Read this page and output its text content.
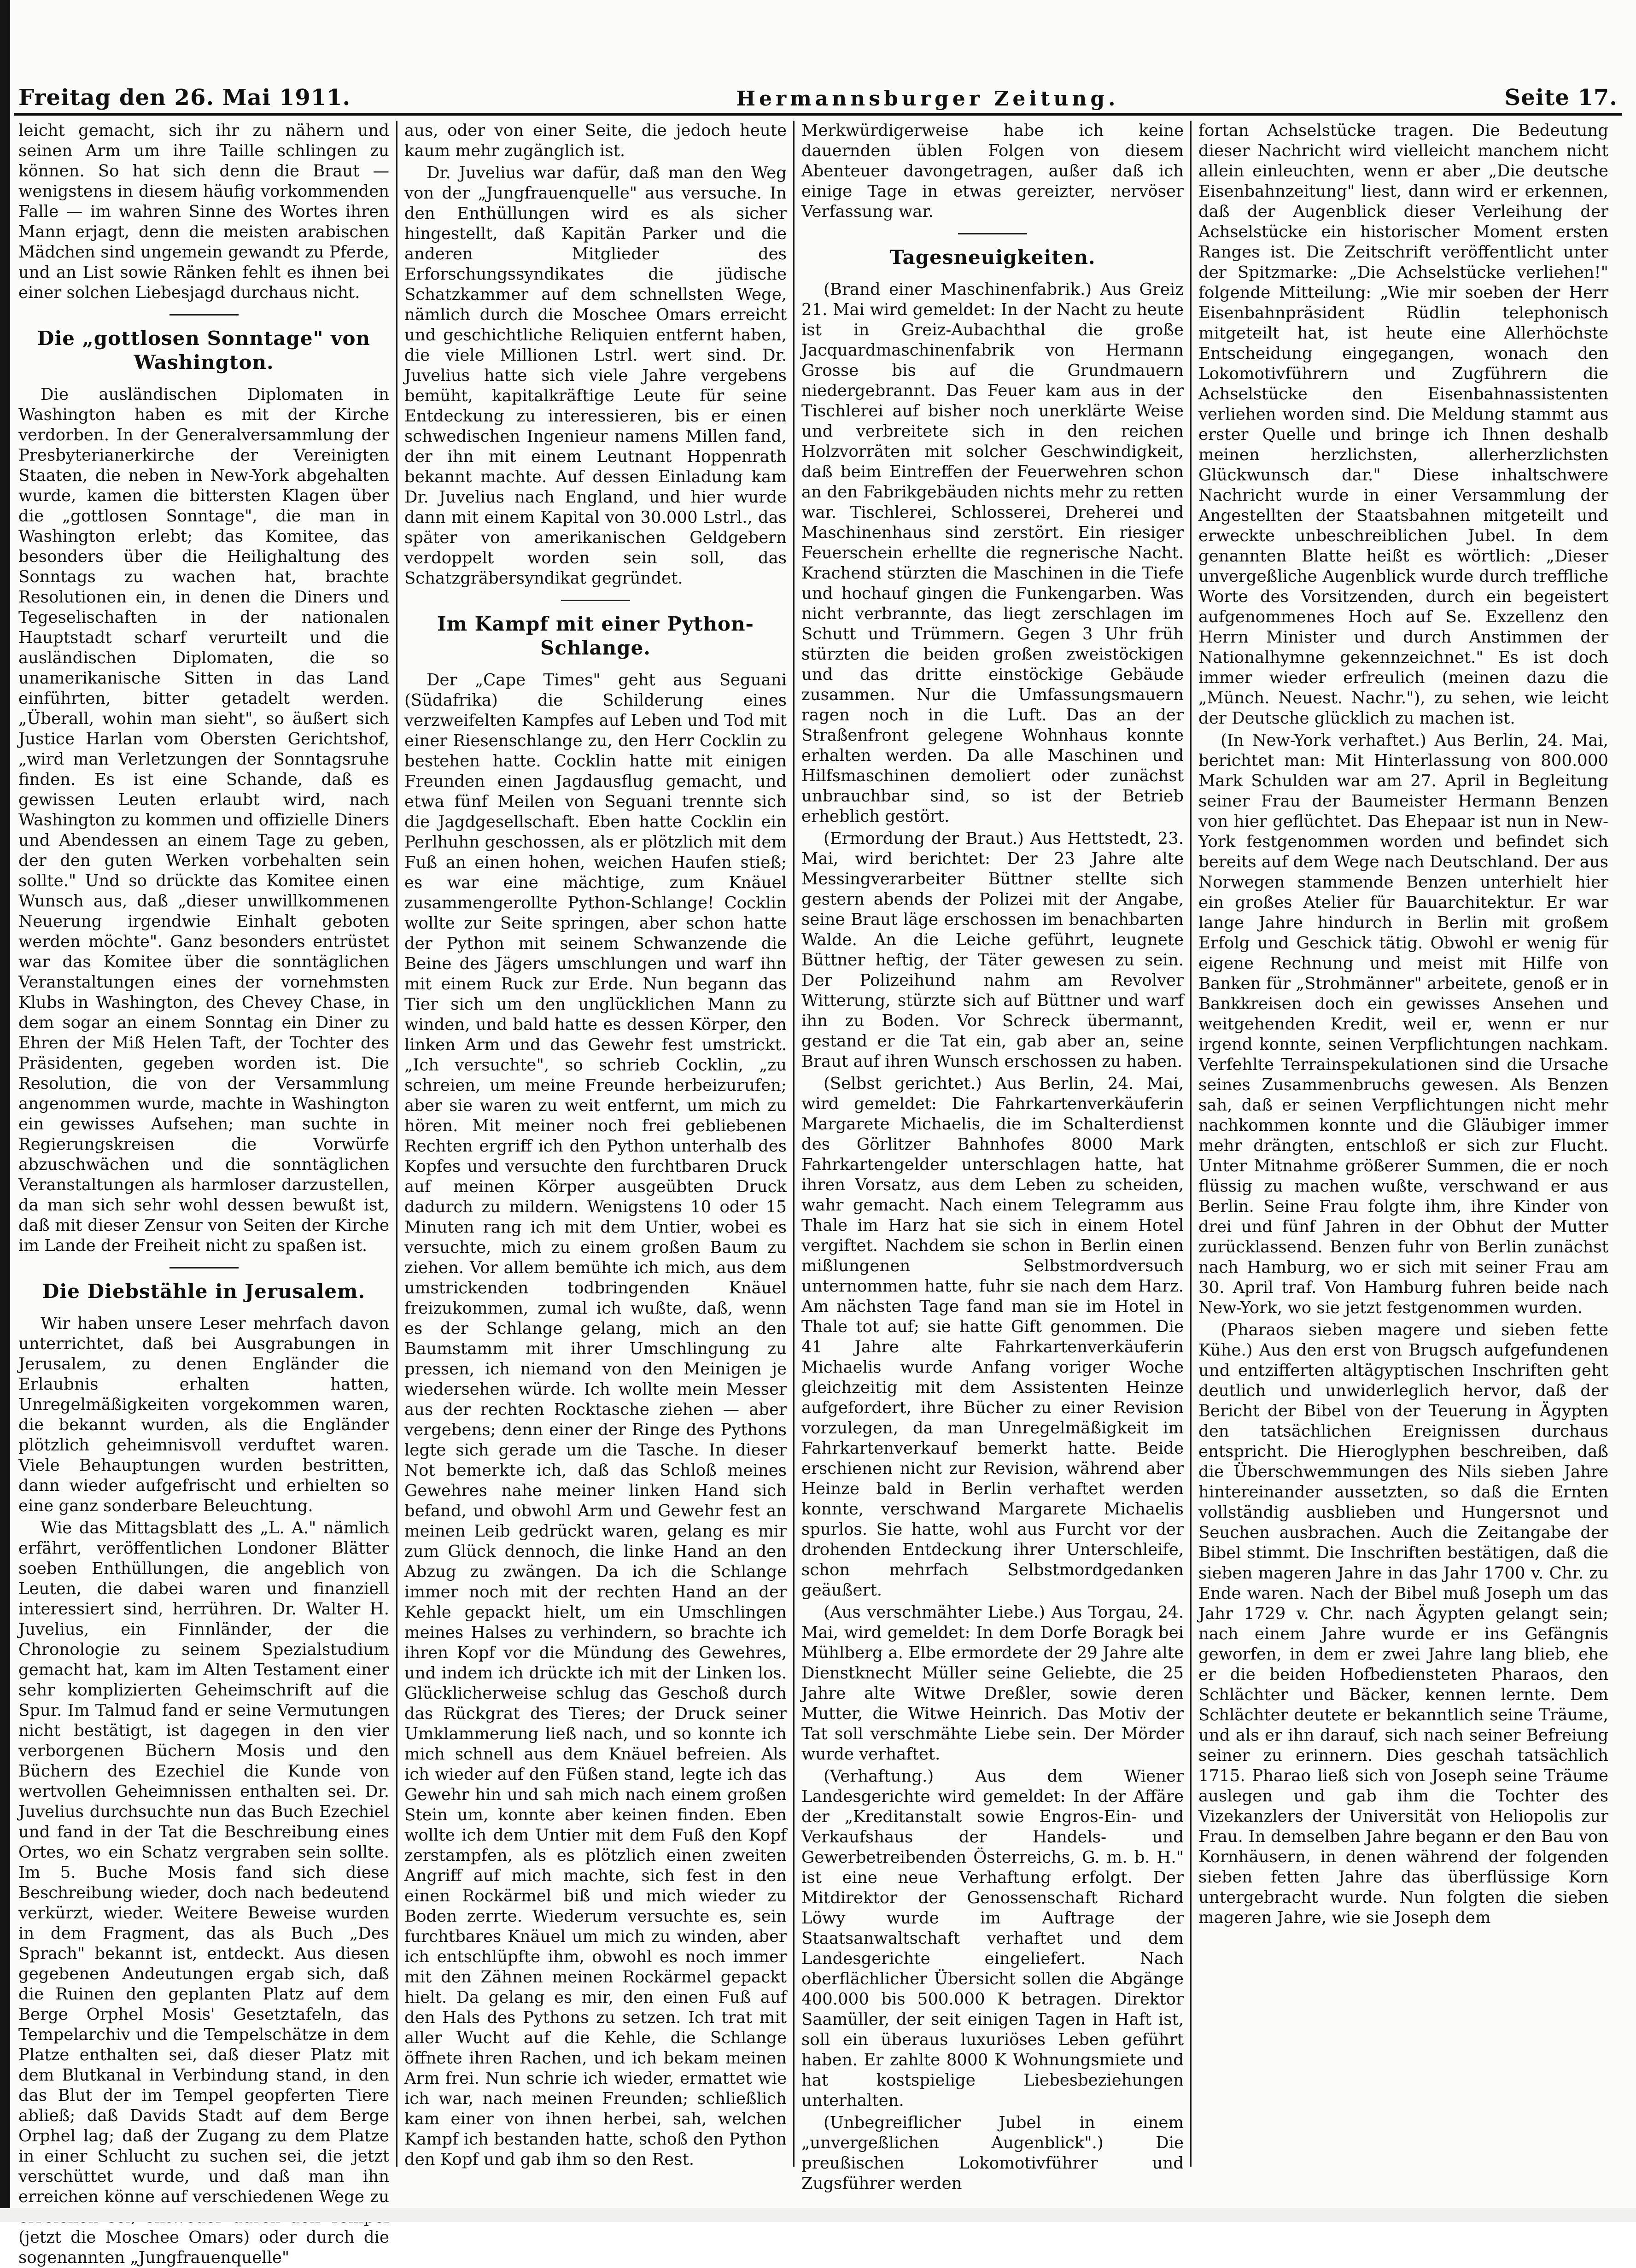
Freitag den 26. Mai 1911.	Hermannsburger Zeitung.	Seite 17.

leicht gemacht, sich ihr zu nähern und seinen Arm um ihre Taille schlingen zu können. So hat sich denn die Braut — wenigstens in diesem häufig vorkommenden Falle — im wahren Sinne des Wortes ihren Mann erjagt, denn die meisten arabischen Mädchen sind ungemein gewandt zu Pferde, und an List sowie Ränken fehlt es ihnen bei einer solchen Liebesjagd durchaus nicht.

Die „gottlosen Sonntage" von Washington.

Die ausländischen Diplomaten in Washington haben es mit der Kirche verdorben. In der Generalversammlung der Presbyterianerkirche der Vereinigten Staaten, die neben in New-York abgehalten wurde, kamen die bittersten Klagen über die „gottlosen Sonntage", die man in Washington erlebt; das Komitee, das besonders über die Heilighaltung des Sonntags zu wachen hat, brachte Resolutionen ein, in denen die Diners und Tegeselischaften in der nationalen Hauptstadt scharf verurteilt und die ausländischen Diplomaten, die so unamerikanische Sitten in das Land einführten, bitter getadelt werden. „Überall, wohin man sieht", so äußert sich Justice Harlan vom Obersten Gerichtshof, „wird man Verletzungen der Sonntagsruhe finden. Es ist eine Schande, daß es gewissen Leuten erlaubt wird, nach Washington zu kommen und offizielle Diners und Abendessen an einem Tage zu geben, der den guten Werken vorbehalten sein sollte." Und so drückte das Komitee einen Wunsch aus, daß „dieser unwillkommenen Neuerung irgendwie Einhalt geboten werden möchte". Ganz besonders entrüstet war das Komitee über die sonntäglichen Veranstaltungen eines der vornehmsten Klubs in Washington, des Chevey Chase, in dem sogar an einem Sonntag ein Diner zu Ehren der Miß Helen Taft, der Tochter des Präsidenten, gegeben worden ist. Die Resolution, die von der Versammlung angenommen wurde, machte in Washington ein gewisses Aufsehen; man suchte in Regierungskreisen die Vorwürfe abzuschwächen und die sonntäglichen Veranstaltungen als harmloser darzustellen, da man sich sehr wohl dessen bewußt ist, daß mit dieser Zensur von Seiten der Kirche im Lande der Freiheit nicht zu spaßen ist.

Die Diebstähle in Jerusalem.

Wir haben unsere Leser mehrfach davon unterrichtet, daß bei Ausgrabungen in Jerusalem, zu denen Engländer die Erlaubnis erhalten hatten, Unregelmäßigkeiten vorgekommen waren, die bekannt wurden, als die Engländer plötzlich geheimnisvoll verduftet waren. Viele Behauptungen wurden bestritten, dann wieder aufgefrischt und erhielten so eine ganz sonderbare Beleuchtung.

Wie das Mittagsblatt des „L. A." nämlich erfährt, veröffentlichen Londoner Blätter soeben Enthüllungen, die angeblich von Leuten, die dabei waren und finanziell interessiert sind, herrühren. Dr. Walter H. Juvelius, ein Finnländer, der die Chronologie zu seinem Spezialstudium gemacht hat, kam im Alten Testament einer sehr komplizierten Geheimschrift auf die Spur. Im Talmud fand er seine Vermutungen nicht bestätigt, ist dagegen in den vier verborgenen Büchern Mosis und den Büchern des Ezechiel die Kunde von wertvollen Geheimnissen enthalten sei. Dr. Juvelius durchsuchte nun das Buch Ezechiel und fand in der Tat die Beschreibung eines Ortes, wo ein Schatz vergraben sein sollte. Im 5. Buche Mosis fand sich diese Beschreibung wieder, doch nach bedeutend verkürzt, wieder. Weitere Beweise wurden in dem Fragment, das als Buch „Des Sprach" bekannt ist, entdeckt. Aus diesen gegebenen Andeutungen ergab sich, daß die Ruinen den geplanten Platz auf dem Berge Orphel Mosis' Gesetztafeln, das Tempelarchiv und die Tempelschätze in dem Platze enthalten sei, daß dieser Platz mit dem Blutkanal in Verbindung stand, in den das Blut der im Tempel geopferten Tiere abließ; daß Davids Stadt auf dem Berge Orphel lag; daß der Zugang zu dem Platze in einer Schlucht zu suchen sei, die jetzt verschüttet wurde, und daß man ihn erreichen könne auf verschiedenen Wege zu (jetzt die Moschee Omars) oder durch die sogenannten „Jungfrauenquelle"

aus, oder von einer Seite, die jedoch heute kaum mehr zugänglich ist.

Dr. Juvelius war dafür, daß man den Weg von der „Jungfrauenquelle" aus versuche. In den Enthüllungen wird es als sicher hingestellt, daß Kapitän Parker und die anderen Mitglieder des Erforschungssyndikates die jüdische Schatzkammer auf dem schnellsten Wege, nämlich durch die Moschee Omars erreicht und geschichtliche Reliquien entfernt haben, die viele Millionen Lstrl. wert sind. Dr. Juvelius hatte sich viele Jahre vergebens bemüht, kapitalkräftige Leute für seine Entdeckung zu interessieren, bis er einen schwedischen Ingenieur namens Millen fand, der ihn mit einem Leutnant Hoppenrath bekannt machte. Auf dessen Einladung kam Dr. Juvelius nach England, und hier wurde dann mit einem Kapital von 30.000 Lstrl., das später von amerikanischen Geldgebern verdoppelt worden sein soll, das Schatzgräbersyndikat gegründet.

Im Kampf mit einer Python-Schlange.

Der „Cape Times" geht aus Seguani (Südafrika) die Schilderung eines verzweifelten Kampfes auf Leben und Tod mit einer Riesenschlange zu, den Herr Cocklin zu bestehen hatte. Cocklin hatte mit einigen Freunden einen Jagdausflug gemacht, und etwa fünf Meilen von Seguani trennte sich die Jagdgesellschaft. Eben hatte Cocklin ein Perlhuhn geschossen, als er plötzlich mit dem Fuß an einen hohen, weichen Haufen stieß; es war eine mächtige, zum Knäuel zusammengerollte Python-Schlange! Cocklin wollte zur Seite springen, aber schon hatte der Python mit seinem Schwanzende die Beine des Jägers umschlungen und warf ihn mit einem Ruck zur Erde. Nun begann das Tier sich um den unglücklichen Mann zu winden, und bald hatte es dessen Körper, den linken Arm und das Gewehr fest umstrickt. „Ich versuchte", so schrieb Cocklin, „zu schreien, um meine Freunde herbeizurufen; aber sie waren zu weit entfernt, um mich zu hören. Mit meiner noch frei gebliebenen Rechten ergriff ich den Python unterhalb des Kopfes und versuchte den furchtbaren Druck auf meinen Körper ausgeübten Druck dadurch zu mildern. Wenigstens 10 oder 15 Minuten rang ich mit dem Untier, wobei es versuchte, mich zu einem großen Baum zu ziehen. Vor allem bemühte ich mich, aus dem umstrickenden todbringenden Knäuel freizukommen, zumal ich wußte, daß, wenn es der Schlange gelang, mich an den Baumstamm mit ihrer Umschlingung zu pressen, ich niemand von den Meinigen je wiedersehen würde. Ich wollte mein Messer aus der rechten Rocktasche ziehen — aber vergebens; denn einer der Ringe des Pythons legte sich gerade um die Tasche. In dieser Not bemerkte ich, daß das Schloß meines Gewehres nahe meiner linken Hand sich befand, und obwohl Arm und Gewehr fest an meinen Leib gedrückt waren, gelang es mir zum Glück dennoch, die linke Hand an den Abzug zu zwängen. Da ich die Schlange immer noch mit der rechten Hand an der Kehle gepackt hielt, um ein Umschlingen meines Halses zu verhindern, so brachte ich ihren Kopf vor die Mündung des Gewehres, und indem ich drückte ich mit der Linken los. Glücklicherweise schlug das Geschoß durch das Rückgrat des Tieres; der Druck seiner Umklammerung ließ nach, und so konnte ich mich schnell aus dem Knäuel befreien. Als ich wieder auf den Füßen stand, legte ich das Gewehr hin und sah mich nach einem großen Stein um, konnte aber keinen finden. Eben wollte ich dem Untier mit dem Fuß den Kopf zerstampfen, als es plötzlich einen zweiten Angriff auf mich machte, sich fest in den einen Rockärmel biß und mich wieder zu Boden zerrte. Wiederum versuchte es, sein furchtbares Knäuel um mich zu winden, aber ich entschlüpfte ihm, obwohl es noch immer mit den Zähnen meinen Rockärmel gepackt hielt. Da gelang es mir, den einen Fuß auf den Hals des Pythons zu setzen. Ich trat mit aller Wucht auf die Kehle, die Schlange öffnete ihren Rachen, und ich bekam meinen Arm frei. Nun schrie ich wieder, ermattet wie ich war, nach meinen Freunden; schließlich kam einer von ihnen herbei, sah, welchen Kampf ich bestanden hatte, schoß den Python den Kopf und gab ihm so den Rest.

Merkwürdigerweise habe ich keine dauernden üblen Folgen von diesem Abenteuer davongetragen, außer daß ich einige Tage in etwas gereizter, nervöser Verfassung war.

Tagesneuigkeiten.

(Brand einer Maschinenfabrik.) Aus Greiz 21. Mai wird gemeldet: In der Nacht zu heute ist in Greiz-Aubachthal die große Jacquardmaschinenfabrik von Hermann Grosse bis auf die Grundmauern niedergebrannt. Das Feuer kam aus in der Tischlerei auf bisher noch unerklärte Weise und verbreitete sich in den reichen Holzvorräten mit solcher Geschwindigkeit, daß beim Eintreffen der Feuerwehren schon an den Fabrikgebäuden nichts mehr zu retten war. Tischlerei, Schlosserei, Dreherei und Maschinenhaus sind zerstört. Ein riesiger Feuerschein erhellte die regnerische Nacht. Krachend stürzten die Maschinen in die Tiefe und hochauf gingen die Funkengarben. Was nicht verbrannte, das liegt zerschlagen im Schutt und Trümmern. Gegen 3 Uhr früh stürzten die beiden großen zweistöckigen und das dritte einstöckige Gebäude zusammen. Nur die Umfassungsmauern ragen noch in die Luft. Das an der Straßenfront gelegene Wohnhaus konnte erhalten werden. Da alle Maschinen und Hilfsmaschinen demoliert oder zunächst unbrauchbar sind, so ist der Betrieb erheblich gestört.

(Ermordung der Braut.) Aus Hettstedt, 23. Mai, wird berichtet: Der 23 Jahre alte Messingverarbeiter Büttner stellte sich gestern abends der Polizei mit der Angabe, seine Braut läge erschossen im benachbarten Walde. An die Leiche geführt, leugnete Büttner heftig, der Täter gewesen zu sein. Der Polizeihund nahm am Revolver Witterung, stürzte sich auf Büttner und warf ihn zu Boden. Vor Schreck übermannt, gestand er die Tat ein, gab aber an, seine Braut auf ihren Wunsch erschossen zu haben.

(Selbst gerichtet.) Aus Berlin, 24. Mai, wird gemeldet: Die Fahrkartenverkäuferin Margarete Michaelis, die im Schalterdienst des Görlitzer Bahnhofes 8000 Mark Fahrkartengelder unterschlagen hatte, hat ihren Vorsatz, aus dem Leben zu scheiden, wahr gemacht. Nach einem Telegramm aus Thale im Harz hat sie sich in einem Hotel vergiftet. Nachdem sie schon in Berlin einen mißlungenen Selbstmordversuch unternommen hatte, fuhr sie nach dem Harz. Am nächsten Tage fand man sie im Hotel in Thale tot auf; sie hatte Gift genommen. Die 41 Jahre alte Fahrkartenverkäuferin Michaelis wurde Anfang voriger Woche gleichzeitig mit dem Assistenten Heinze aufgefordert, ihre Bücher zu einer Revision vorzulegen, da man Unregelmäßigkeit im Fahrkartenverkauf bemerkt hatte. Beide erschienen nicht zur Revision, während aber Heinze bald in Berlin verhaftet werden konnte, verschwand Margarete Michaelis spurlos. Sie hatte, wohl aus Furcht vor der drohenden Entdeckung ihrer Unterschleife, schon mehrfach Selbstmordgedanken geäußert.

(Aus verschmähter Liebe.) Aus Torgau, 24. Mai, wird gemeldet: In dem Dorfe Boragk bei Mühlberg a. Elbe ermordete der 29 Jahre alte Dienstknecht Müller seine Geliebte, die 25 Jahre alte Witwe Dreßler, sowie deren Mutter, die Witwe Heinrich. Das Motiv der Tat soll verschmähte Liebe sein. Der Mörder wurde verhaftet.

(Verhaftung.) Aus dem Wiener Landesgerichte wird gemeldet: In der Affäre der „Kreditanstalt sowie Engros-Ein- und Verkaufshaus der Handels- und Gewerbetreibenden Österreichs, G. m. b. H." ist eine neue Verhaftung erfolgt. Der Mitdirektor der Genossenschaft Richard Löwy wurde im Auftrage der Staatsanwaltschaft verhaftet und dem Landesgerichte eingeliefert. Nach oberflächlicher Übersicht sollen die Abgänge 400.000 bis 500.000 K betragen. Direktor Saamüller, der seit einigen Tagen in Haft ist, soll ein überaus luxuriöses Leben geführt haben. Er zahlte 8000 K Wohnungsmiete und hat kostspielige Liebesbeziehungen unterhalten.

(Unbegreiflicher Jubel in einem „unvergeßlichen Augenblick".) Die preußischen Lokomotivführer und Zugsführer werden

fortan Achselstücke tragen. Die Bedeutung dieser Nachricht wird vielleicht manchem nicht allein einleuchten, wenn er aber „Die deutsche Eisenbahnzeitung" liest, dann wird er erkennen, daß der Augenblick dieser Verleihung der Achselstücke ein historischer Moment ersten Ranges ist. Die Zeitschrift veröffentlicht unter der Spitzmarke: „Die Achselstücke verliehen!" folgende Mitteilung: „Wie mir soeben der Herr Eisenbahnpräsident Rüdlin telephonisch mitgeteilt hat, ist heute eine Allerhöchste Entscheidung eingegangen, wonach den Lokomotivführern und Zugführern die Achselstücke den Eisenbahnassistenten verliehen worden sind. Die Meldung stammt aus erster Quelle und bringe ich Ihnen deshalb meinen herzlichsten, allerherzlichsten Glückwunsch dar." Diese inhaltschwere Nachricht wurde in einer Versammlung der Angestellten der Staatsbahnen mitgeteilt und erweckte unbeschreiblichen Jubel. In dem genannten Blatte heißt es wörtlich: „Dieser unvergeßliche Augenblick wurde durch treffliche Worte des Vorsitzenden, durch ein begeistert aufgenommenes Hoch auf Se. Exzellenz den Herrn Minister und durch Anstimmen der Nationalhymne gekennzeichnet." Es ist doch immer wieder erfreulich (meinen dazu die „Münch. Neuest. Nachr."), zu sehen, wie leicht der Deutsche glücklich zu machen ist.

(In New-York verhaftet.) Aus Berlin, 24. Mai, berichtet man: Mit Hinterlassung von 800.000 Mark Schulden war am 27. April in Begleitung seiner Frau der Baumeister Hermann Benzen von hier geflüchtet. Das Ehepaar ist nun in New-York festgenommen worden und befindet sich bereits auf dem Wege nach Deutschland. Der aus Norwegen stammende Benzen unterhielt hier ein großes Atelier für Bauarchitektur. Er war lange Jahre hindurch in Berlin mit großem Erfolg und Geschick tätig. Obwohl er wenig für eigene Rechnung und meist mit Hilfe von Banken für „Strohmänner" arbeitete, genoß er in Bankkreisen doch ein gewisses Ansehen und weitgehenden Kredit, weil er, wenn er nur irgend konnte, seinen Verpflichtungen nachkam. Verfehlte Terrainspekulationen sind die Ursache seines Zusammenbruchs gewesen. Als Benzen sah, daß er seinen Verpflichtungen nicht mehr nachkommen konnte und die Gläubiger immer mehr drängten, entschloß er sich zur Flucht. Unter Mitnahme größerer Summen, die er noch flüssig zu machen wußte, verschwand er aus Berlin. Seine Frau folgte ihm, ihre Kinder von drei und fünf Jahren in der Obhut der Mutter zurücklassend. Benzen fuhr von Berlin zunächst nach Hamburg, wo er sich mit seiner Frau am 30. April traf. Von Hamburg fuhren beide nach New-York, wo sie jetzt festgenommen wurden.

(Pharaos sieben magere und sieben fette Kühe.) Aus den erst von Brugsch aufgefundenen und entzifferten altägyptischen Inschriften geht deutlich und unwiderleglich hervor, daß der Bericht der Bibel von der Teuerung in Ägypten den tatsächlichen Ereignissen durchaus entspricht. Die Hieroglyphen beschreiben, daß die Überschwemmungen des Nils sieben Jahre hintereinander aussetzten, so daß die Ernten vollständig ausblieben und Hungersnot und Seuchen ausbrachen. Auch die Zeitangabe der Bibel stimmt. Die Inschriften bestätigen, daß die sieben mageren Jahre in das Jahr 1700 v. Chr. zu Ende waren. Nach der Bibel muß Joseph um das Jahr 1729 v. Chr. nach Ägypten gelangt sein; nach einem Jahre wurde er ins Gefängnis geworfen, in dem er zwei Jahre lang blieb, ehe er die beiden Hofbediensteten Pharaos, den Schlächter und Bäcker, kennen lernte. Dem Schlächter deutete er bekanntlich seine Träume, und als er ihn darauf, sich nach seiner Befreiung seiner zu erinnern. Dies geschah tatsächlich 1715. Pharao ließ sich von Joseph seine Träume auslegen und gab ihm die Tochter des Vizekanzlers der Universität von Heliopolis zur Frau. In demselben Jahre begann er den Bau von Kornhäusern, in denen während der folgenden sieben fetten Jahre das überflüssige Korn untergebracht wurde. Nun folgten die sieben mageren Jahre, wie sie Joseph dem
